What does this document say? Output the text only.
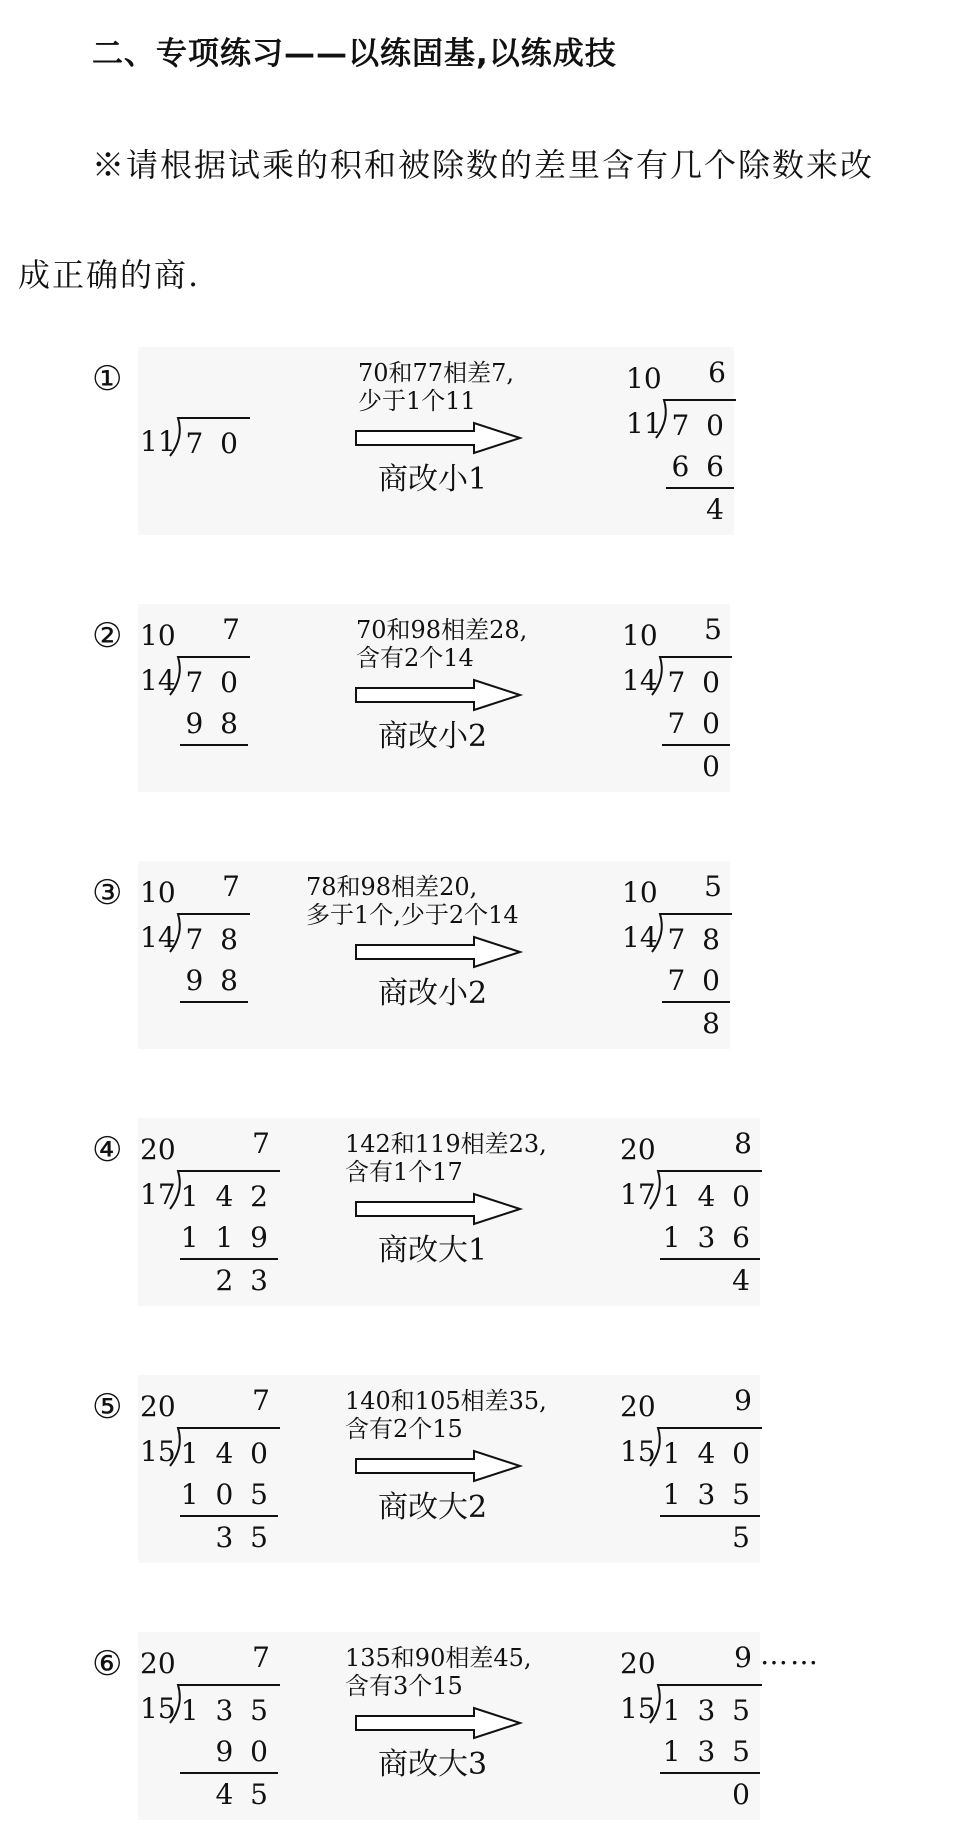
二、专项练习——以练固基,以练成技
※请根据试乘的积和被除数的差里含有几个除数来改
成正确的商.
①
11 7 0
70和77相差7,
少于1个11
商改小1
10 6
11 7 0
6 6
4
② 10 7
14 7 0
9 8
70和98相差28,
含有2个14
商改小2
10 5
14 7 0
7 0
0
③ 10 7
14 7 8
9 8
78和98相差20,
多于1个,少于2个14
商改小2
10 5
14 7 8
7 0
8
④ 20	7
17 1 4 2
1 1 9
2 3
142和119相差23,
含有1个17
商改大1
20	8
17 1 4 0
1 3 6
4
⑤ 20	7
15 1 4 0
1 0 5
3 5
140和105相差35,
含有2个15
商改大2
20	9
15 1 4 0
1 3 5
5
⑥ 20	7
15 1 3 5
9 0
4 5
135和90相差45,
含有3个15
商改大3
20	9
15 1 3 5
1 3 5
0
……
